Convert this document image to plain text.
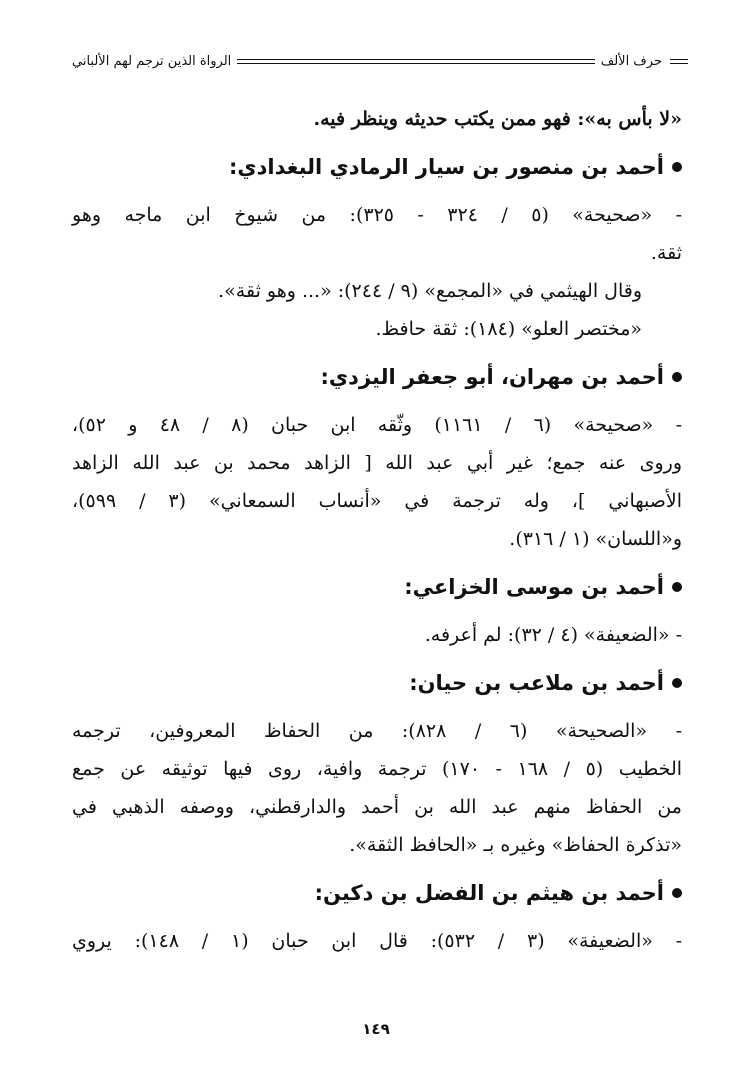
حرف الألف
الرواة الذين ترجم لهم الألباني
«لا بأس به»: فهو ممن يكتب حديثه وينظر فيه.
أحمد بن منصور بن سيار الرمادي البغدادي:
- «صحيحة» (٥ / ٣٢٤ - ٣٢٥): من شيوخ ابن ماجه وهو
ثقة.
وقال الهيثمي في «المجمع» (٩ / ٢٤٤): «... وهو ثقة».
«مختصر العلو» (١٨٤): ثقة حافظ.
أحمد بن مهران، أبو جعفر اليزدي:
- «صحيحة» (٦ / ١١٦١) وثّقه ابن حبان (٨ / ٤٨ و ٥٢)،
وروى عنه جمع؛ غير أبي عبد الله [ الزاهد محمد بن عبد الله الزاهد
الأصبهاني ]، وله ترجمة في «أنساب السمعاني» (٣ / ٥٩٩)،
و«اللسان» (١ / ٣١٦).
أحمد بن موسى الخزاعي:
- «الضعيفة» (٤ / ٣٢): لم أعرفه.
أحمد بن ملاعب بن حيان:
- «الصحيحة» (٦ / ٨٢٨): من الحفاظ المعروفين، ترجمه
الخطيب (٥ / ١٦٨ - ١٧٠) ترجمة وافية، روى فيها توثيقه عن جمع
من الحفاظ منهم عبد الله بن أحمد والدارقطني، ووصفه الذهبي في
«تذكرة الحفاظ» وغيره بـ «الحافظ الثقة».
أحمد بن هيثم بن الفضل بن دكين:
- «الضعيفة» (٣ / ٥٣٢): قال ابن حبان (١ / ١٤٨): يروي
١٤٩
